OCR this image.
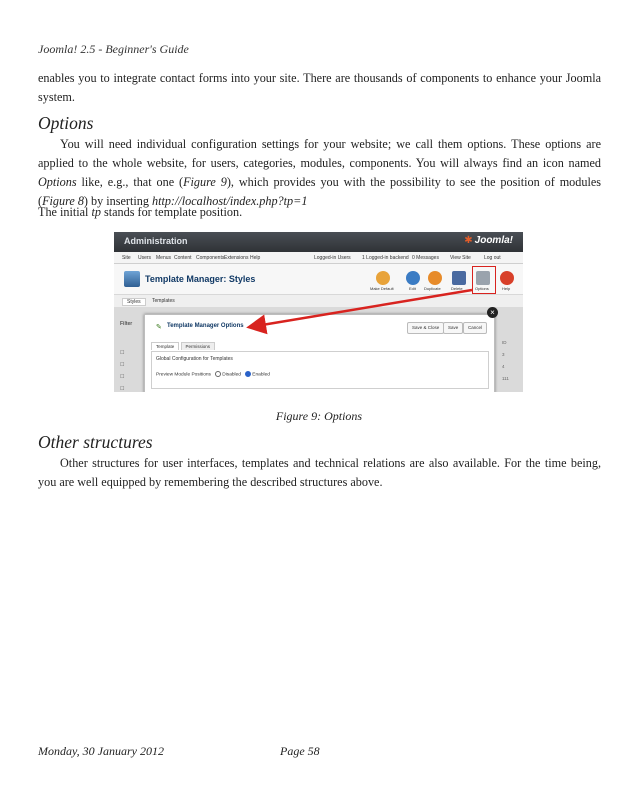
Joomla! 2.5 - Beginner's Guide
enables you to integrate contact forms into your site. There are thousands of components to enhance your Joomla system.
Options
You will need individual configuration settings for your website; we call them options. These options are applied to the whole website, for users, categories, modules, components. You will always find an icon named Options like, e.g., that one (Figure 9), which provides you with the possibility to see the position of modules (Figure 8) by inserting http://localhost/index.php?tp=1
The initial tp stands for template position.
Administration	✱ Joomla!
Site Users Menus Content Components Extensions Help	Logged-in Users 1 Logged-in backend 0 Messages View Site	Log out
Template Manager: Styles
Make Default	Edit Duplicate	Delete	Options	Help
Styles	Templates
Filter
☐
☐
☐
☐
✎ Template Manager Options	Save & Close	Save	Cancel
Template	Permissions
Global Configuration for Templates
Preview Module Positions Disabled Enabled
×
ID
3
4
111
Figure 9: Options
Other structures
Other structures for user interfaces, templates and technical relations are also available. For the time being, you are well equipped by remembering the described structures above.
Monday, 30 January 2012	Page 58
